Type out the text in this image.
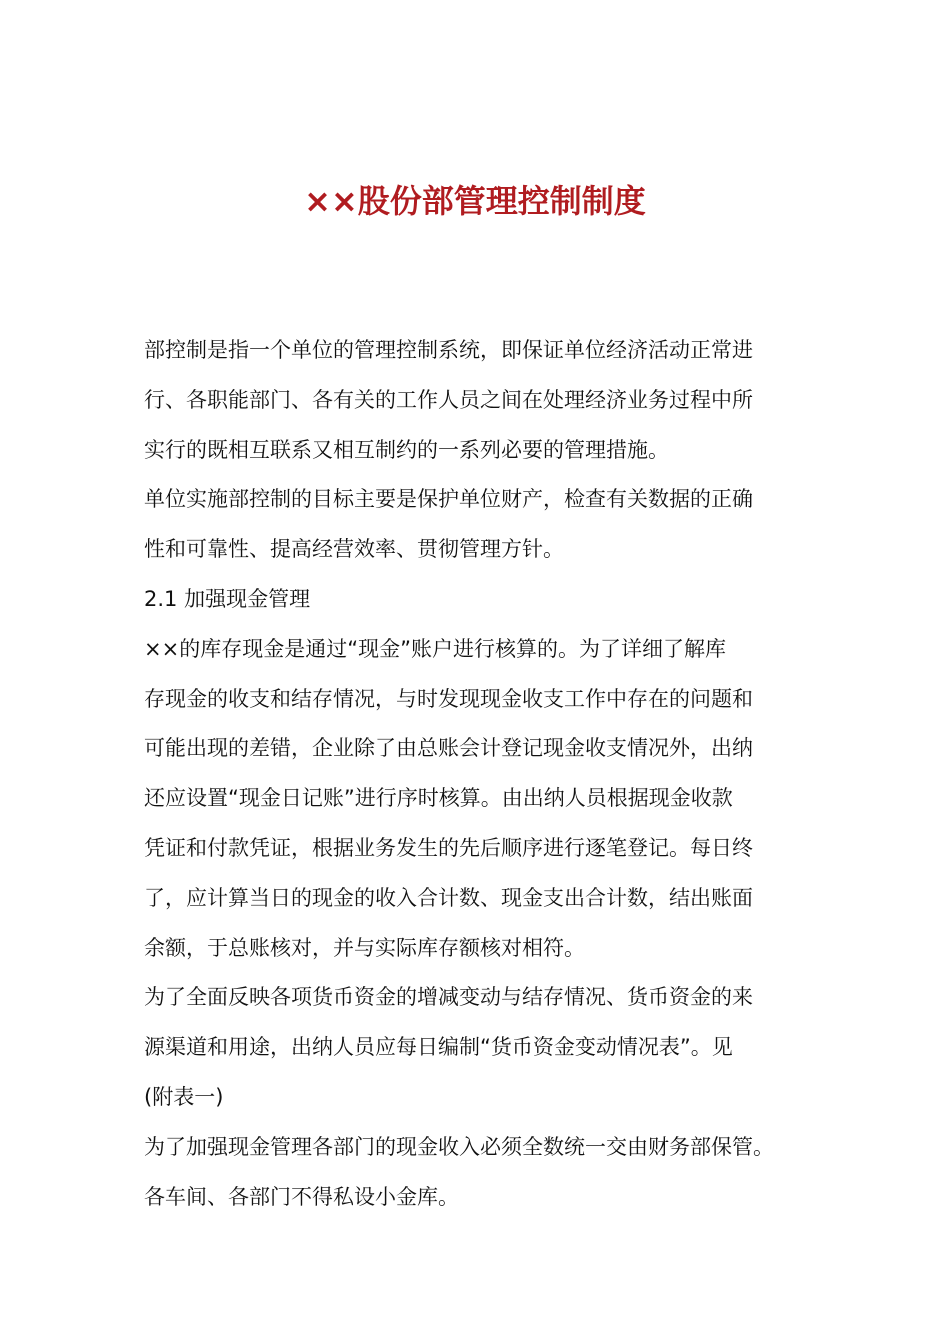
××股份部管理控制制度

部控制是指一个单位的管理控制系统，即保证单位经济活动正常进
行、各职能部门、各有关的工作人员之间在处理经济业务过程中所
实行的既相互联系又相互制约的一系列必要的管理措施。

单位实施部控制的目标主要是保护单位财产，检查有关数据的正确
性和可靠性、提高经营效率、贯彻管理方针。

2.1 加强现金管理

××的库存现金是通过“现金”账户进行核算的。为了详细了解库
存现金的收支和结存情况，与时发现现金收支工作中存在的问题和
可能出现的差错，企业除了由总账会计登记现金收支情况外，出纳
还应设置“现金日记账”进行序时核算。由出纳人员根据现金收款
凭证和付款凭证，根据业务发生的先后顺序进行逐笔登记。每日终
了，应计算当日的现金的收入合计数、现金支出合计数，结出账面
余额，于总账核对，并与实际库存额核对相符。

为了全面反映各项货币资金的增减变动与结存情况、货币资金的来
源渠道和用途，出纳人员应每日编制“货币资金变动情况表”。见
(附表一)

为了加强现金管理各部门的现金收入必须全数统一交由财务部保管。
各车间、各部门不得私设小金库。
